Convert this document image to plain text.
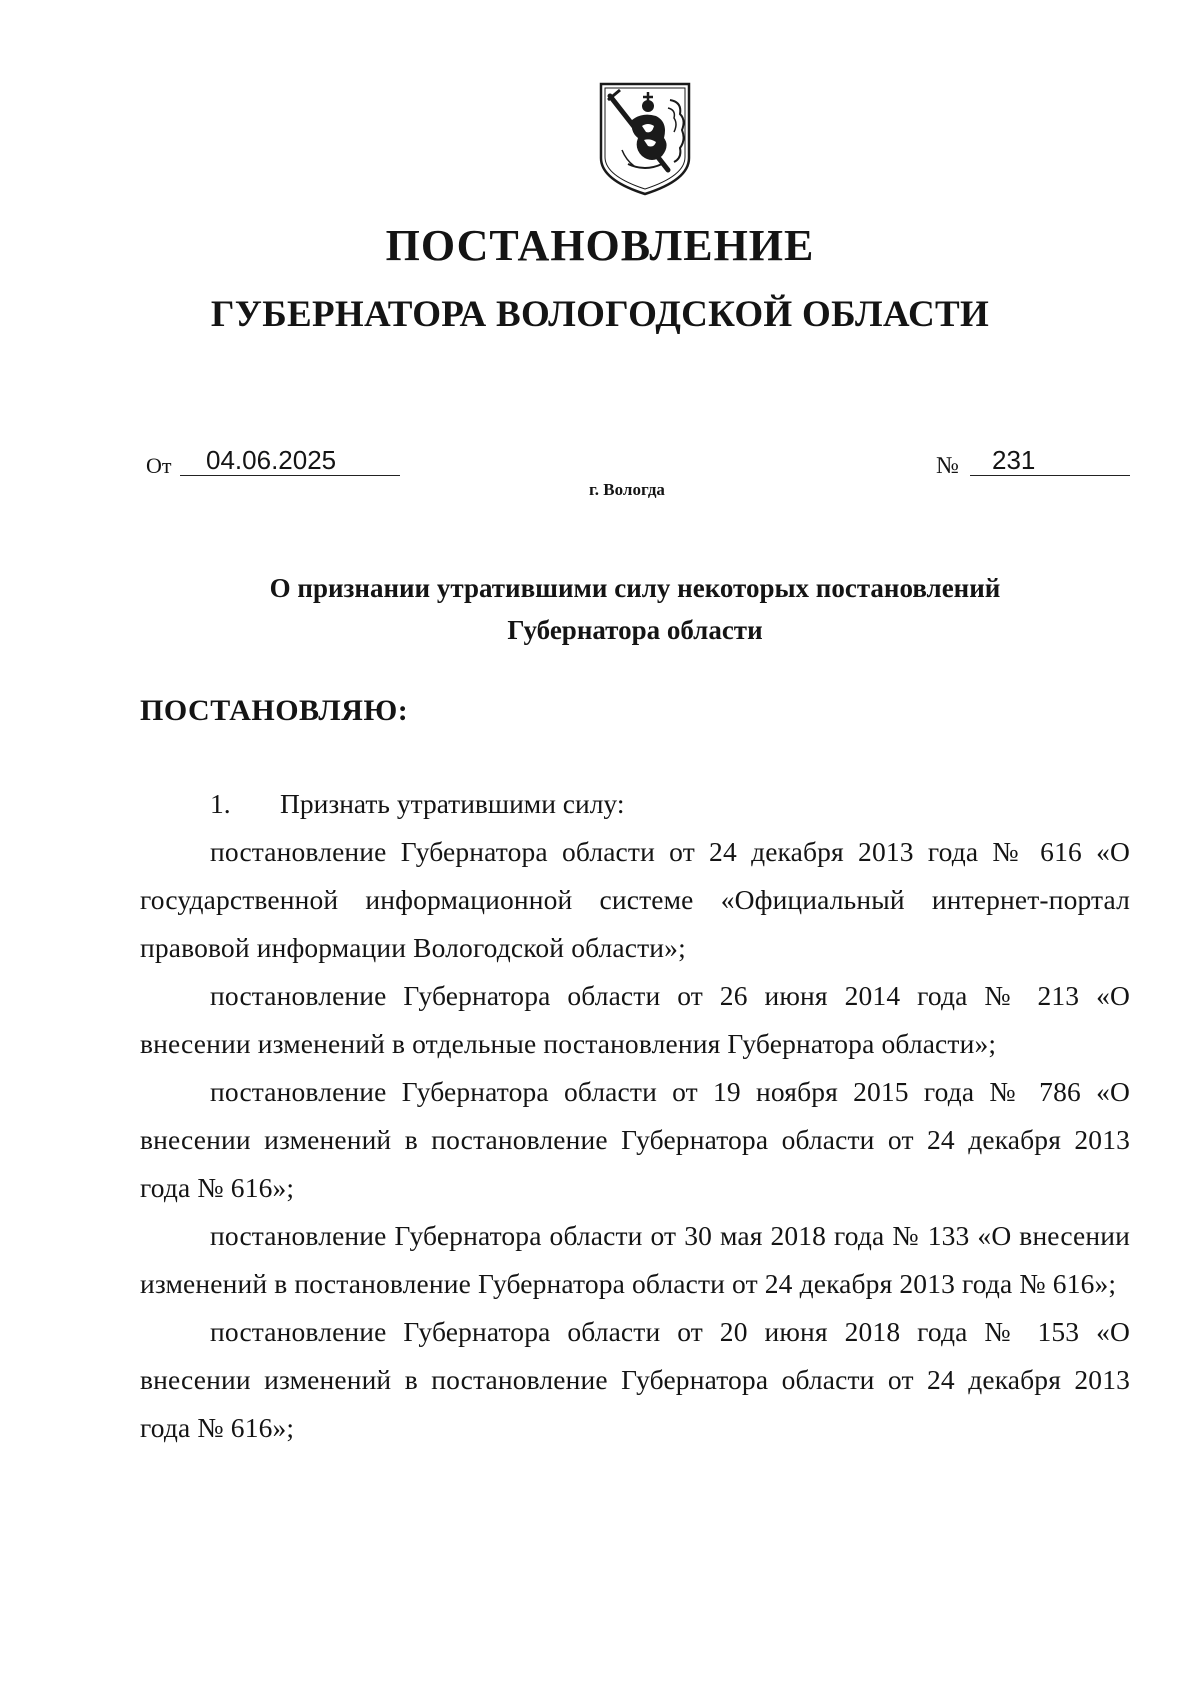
ПОСТАНОВЛЕНИЕ
ГУБЕРНАТОРА ВОЛОГОДСКОЙ ОБЛАСТИ
От	04.06.2025	№	231
г. Вологда
О признании утратившими силу некоторых постановлений
Губернатора области
ПОСТАНОВЛЯЮ:
1. Признать утратившими силу:

постановление Губернатора области от 24 декабря 2013 года № 616 «О государственной информационной системе «Официальный интернет-портал правовой информации Вологодской области»;

постановление Губернатора области от 26 июня 2014 года № 213 «О внесении изменений в отдельные постановления Губернатора области»;

постановление Губернатора области от 19 ноября 2015 года № 786 «О внесении изменений в постановление Губернатора области от 24 декабря 2013 года № 616»;

постановление Губернатора области от 30 мая 2018 года № 133 «О внесении изменений в постановление Губернатора области от 24 декабря 2013 года № 616»;

постановление Губернатора области от 20 июня 2018 года № 153 «О внесении изменений в постановление Губернатора области от 24 декабря 2013 года № 616»;
